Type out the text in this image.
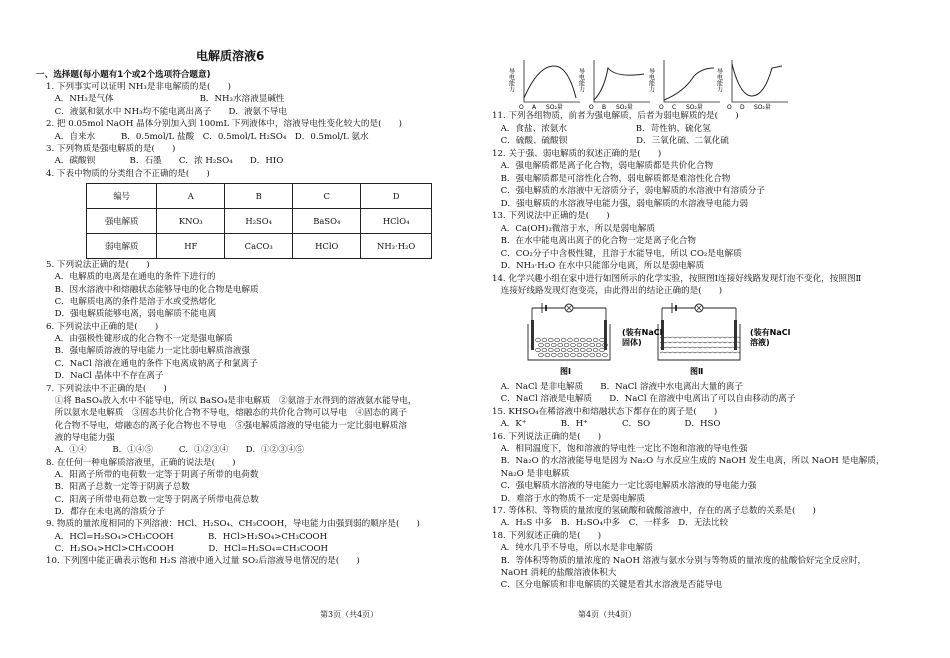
电解质溶液6
一、选择题(每小题有1个或2个选项符合题意)
1. 下列事实可以证明 NH₃是非电解质的是(　　)
　A．NH₃是气体　　　　　　　　　　B．NH₃水溶液显碱性
　C．液氨和氨水中 NH₃均不能电离出离子　　D．液氨不导电
2. 把 0.05mol NaOH 晶体分别加入到 100mL 下列液体中，溶液导电性变化较大的是(　　)
　A．自来水　　　B．0.5mol/L 盐酸　C．0.5mol/L H₂SO₄　D．0.5mol/L 氨水
3. 下列物质是强电解质的是(　　)
　A．碳酸钡　　　　B．石墨　　C．浓 H₂SO₄　　D．HIO
4. 下表中物质的分类组合不正确的是(　　)
5. 下列说法正确的是(　　)
　A．电解质的电离是在通电的条件下进行的
　B．因水溶液中和熔融状态能够导电的化合物是电解质
　C．电解质电离的条件是溶于水或受热熔化
　D．强电解质能够电离，弱电解质不能电离
6. 下列说法中正确的是(　　)
　A．由强极性键形成的化合物不一定是强电解质
　B．强电解质溶液的导电能力一定比弱电解质溶液强
　C．NaCl 溶液在通电的条件下电离成钠离子和氯离子
　D．NaCl 晶体中不存在离子
7. 下列说法中不正确的是(　　)
　①将 BaSO₄放入水中不能导电，所以 BaSO₄是非电解质　②氨溶于水得到的溶液氨水能导电，
　所以氨水是电解质　③固态共价化合物不导电，熔融态的共价化合物可以导电　④固态的离子
　化合物不导电，熔融态的离子化合物也不导电　⑤强电解质溶液的导电能力一定比弱电解质溶
　液的导电能力强
　A．①④　　　B．①④⑤　　　C．①②③④　　D．①②③④⑤
8. 在任何一种电解质溶液里，正确的说法是(　　)
　A．阳离子所带的电荷数一定等于阴离子所带的电荷数
　B．阳离子总数一定等于阴离子总数
　C．阳离子所带电荷总数一定等于阴离子所带电荷总数
　D．都存在未电离的溶质分子
9. 物质的量浓度相同的下列溶液：HCl、H₂SO₄、CH₃COOH，导电能力由强到弱的顺序是(　　)
　A．HCl=H₂SO₄>CH₃COOH　　　　B．HCl>H₂SO₄>CH₃COOH
　C．H₂SO₄>HCl>CH₃COOH　　　　D．HCl=H₂SO₄=CH₃COOH
10. 下列图中能正确表示饱和 H₂S 溶液中通入过量 SO₂后溶液导电情况的是(　　)
编号	A	B	C	D
强电解质	KNO₃	H₂SO₄	BaSO₄	HClO₄
弱电解质	HF	CaCO₃	HClO	NH₃·H₂O
导电能力
O A SO₂量
导电能力
O B SO₂量
导电能力
O C SO₂量
导电能力
O D SO₂量
11. 下列各组物质，前者为强电解质，后者为弱电解质的是(　　)
　A．食盐、浓氨水　　　　　　　　B．苛性钠、硫化氢
　C．硫酸、硫酸钡　　　　　　　　D．三氧化硫、二氧化硫
12. 关于强、弱电解质的叙述正确的是(　　)
　A．强电解质都是离子化合物，弱电解质都是共价化合物
　B．强电解质都是可溶性化合物，弱电解质都是难溶性化合物
　C．强电解质的水溶液中无溶质分子，弱电解质的水溶液中有溶质分子
　D．强电解质的水溶液导电能力强，弱电解质的水溶液导电能力弱
13. 下列说法中正确的是(　　)
　A．Ca(OH)₂微溶于水，所以是弱电解质
　B．在水中能电离出离子的化合物一定是离子化合物
　C．CO₂分子中含极性键，且溶于水能导电，所以 CO₂是电解质
　D．NH₃·H₂O 在水中只能部分电离，所以是弱电解质
14. 化学兴趣小组在家中进行如图所示的化学实验，按照图Ⅰ连接好线路发现灯泡不变化，按照图Ⅱ
　连接好线路发现灯泡变亮，由此得出的结论正确的是(　　)
　A．NaCl 是非电解质　　B．NaCl 溶液中水电离出大量的离子
　C．NaCl 溶液是电解质　　D．NaCl 在溶液中电离出了可以自由移动的离子
15. KHSO₄在稀溶液中和熔融状态下都存在的离子是(　　)
　A．K⁺　　　　B．H⁺　　　　C．SO　　　　D．HSO
16. 下列说法正确的是(　　)
　A．相同温度下，饱和溶液的导电性一定比不饱和溶液的导电性强
　B．Na₂O 的水溶液能导电是因为 Na₂O 与水反应生成的 NaOH 发生电离，所以 NaOH 是电解质，
　Na₂O 是非电解质
　C．强电解质水溶液的导电能力一定比弱电解质水溶液的导电能力强
　D．难溶于水的物质不一定是弱电解质
17. 等体积、等物质的量浓度的氢硫酸和硫酸溶液中，存在的离子总数的关系是(　　)
　A．H₂S 中多　B．H₂SO₄中多　C．一样多　D．无法比较
18. 下列叙述正确的是(　　)
　A．纯水几乎不导电，所以水是非电解质
　B．等体积等物质的量浓度的 NaOH 溶液与氨水分别与等物质的量浓度的盐酸恰好完全反应时，
　NaOH 消耗的盐酸溶液体积大
　C．区分电解质和非电解质的关键是看其水溶液是否能导电
(装有NaCl
固体)
(装有NaCl
溶液)
图Ⅰ	图Ⅱ
第3页（共4页）	第4页（共4页）
